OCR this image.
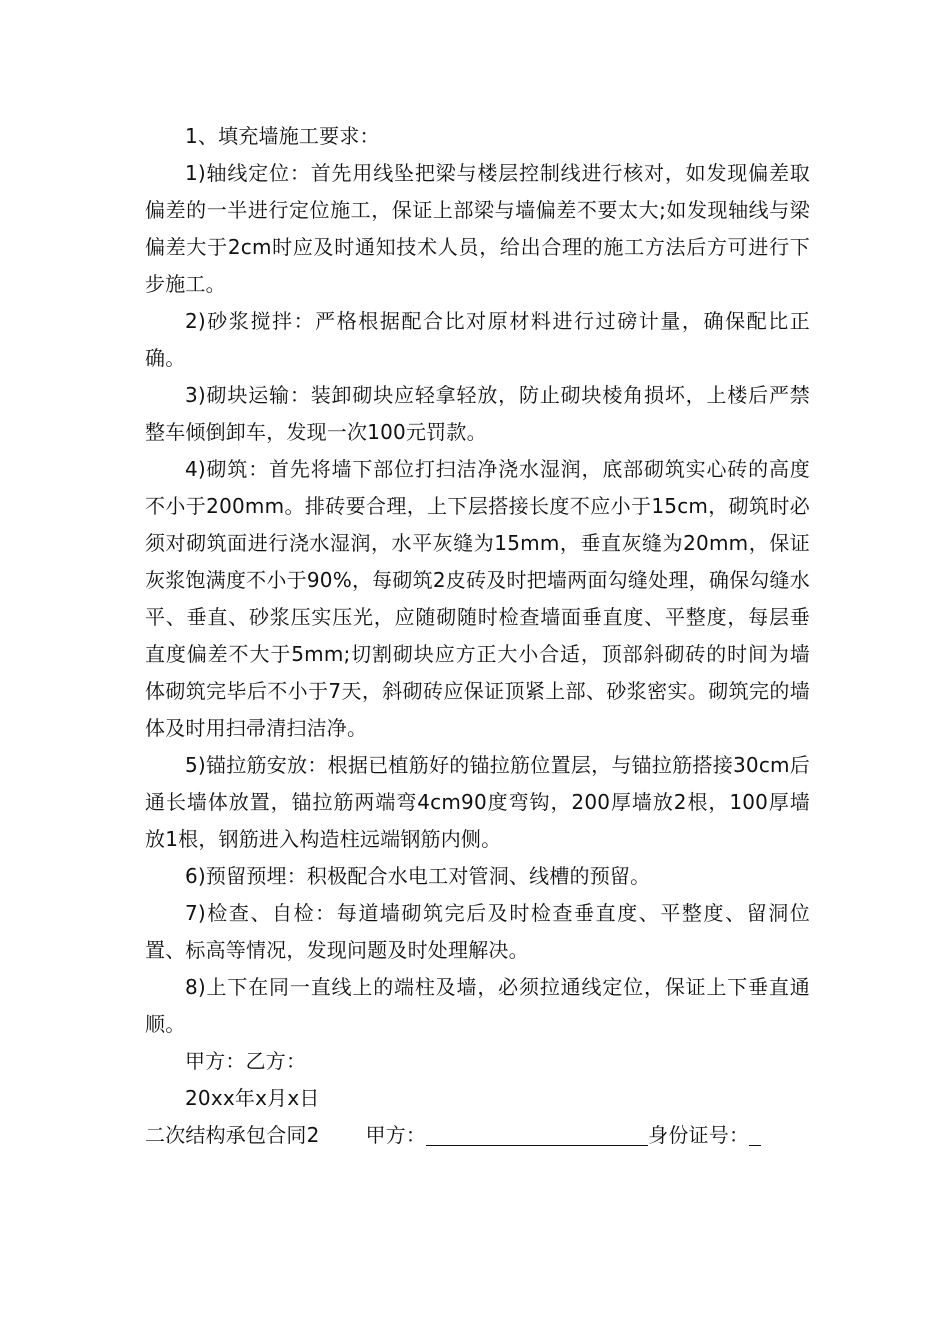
1、填充墙施工要求：

1)轴线定位：首先用线坠把梁与楼层控制线进行核对，如发现偏差取偏差的一半进行定位施工，保证上部梁与墙偏差不要太大;如发现轴线与梁偏差大于2cm时应及时通知技术人员，给出合理的施工方法后方可进行下步施工。

2)砂浆搅拌：严格根据配合比对原材料进行过磅计量，确保配比正确。

3)砌块运输：装卸砌块应轻拿轻放，防止砌块棱角损坏，上楼后严禁整车倾倒卸车，发现一次100元罚款。

4)砌筑：首先将墙下部位打扫洁净浇水湿润，底部砌筑实心砖的高度不小于200mm。排砖要合理，上下层搭接长度不应小于15cm，砌筑时必须对砌筑面进行浇水湿润，水平灰缝为15mm，垂直灰缝为20mm，保证灰浆饱满度不小于90%，每砌筑2皮砖及时把墙两面勾缝处理，确保勾缝水平、垂直、砂浆压实压光，应随砌随时检查墙面垂直度、平整度，每层垂直度偏差不大于5mm;切割砌块应方正大小合适，顶部斜砌砖的时间为墙体砌筑完毕后不小于7天，斜砌砖应保证顶紧上部、砂浆密实。砌筑完的墙体及时用扫帚清扫洁净。

5)锚拉筋安放：根据已植筋好的锚拉筋位置层，与锚拉筋搭接30cm后通长墙体放置，锚拉筋两端弯4cm90度弯钩，200厚墙放2根，100厚墙放1根，钢筋进入构造柱远端钢筋内侧。

6)预留预埋：积极配合水电工对管洞、线槽的预留。

7)检查、自检：每道墙砌筑完后及时检查垂直度、平整度、留洞位置、标高等情况，发现问题及时处理解决。

8)上下在同一直线上的端柱及墙，必须拉通线定位，保证上下垂直通顺。

甲方：乙方：

20xx年x月x日

二次结构承包合同2 甲方：	身份证号：
